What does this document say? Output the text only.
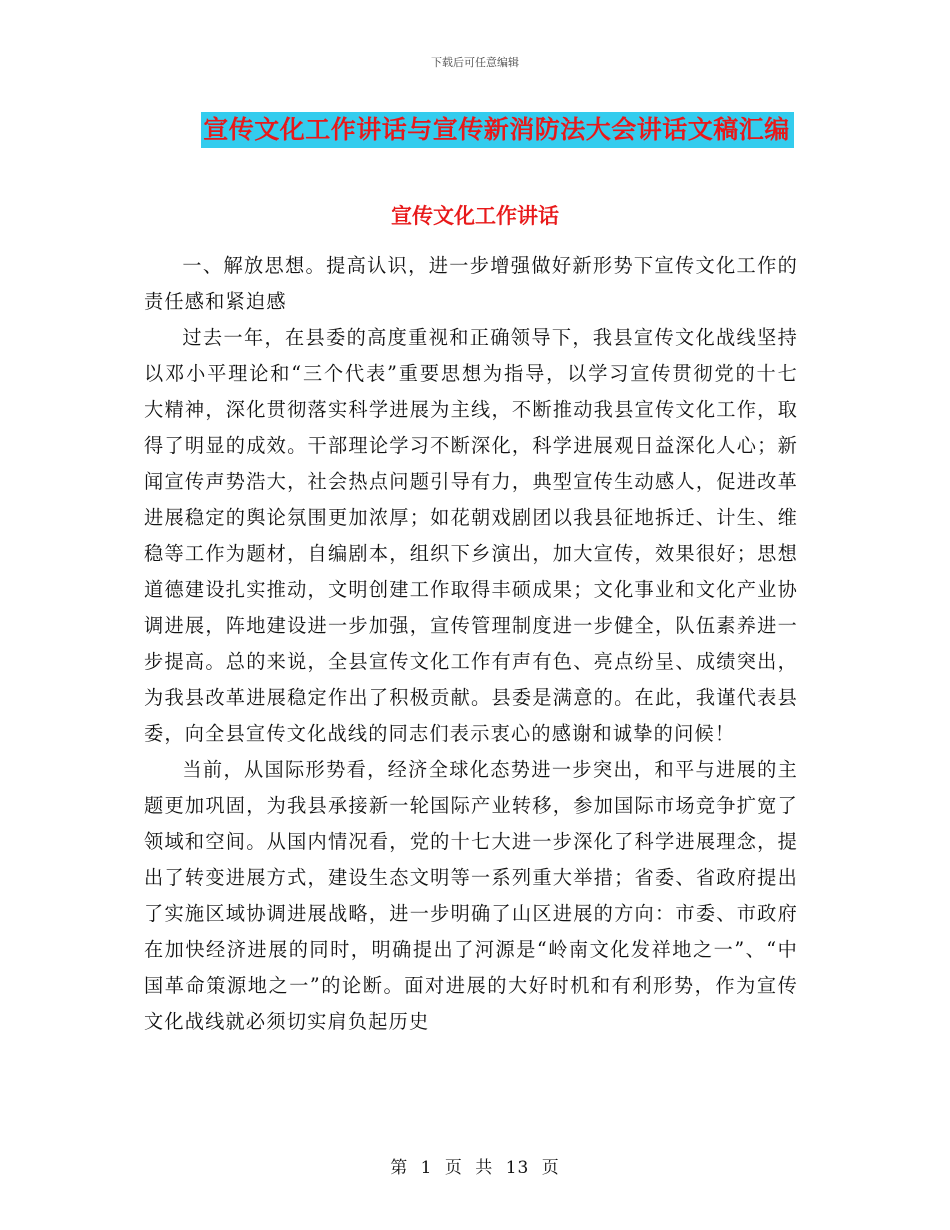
下载后可任意编辑
宣传文化工作讲话与宣传新消防法大会讲话文稿汇编
宣传文化工作讲话

一、解放思想。提高认识，进一步增强做好新形势下宣传文化工作的责任感和紧迫感

过去一年，在县委的高度重视和正确领导下，我县宣传文化战线坚持以邓小平理论和“三个代表”重要思想为指导，以学习宣传贯彻党的十七大精神，深化贯彻落实科学进展为主线，不断推动我县宣传文化工作，取得了明显的成效。干部理论学习不断深化，科学进展观日益深化人心；新闻宣传声势浩大，社会热点问题引导有力，典型宣传生动感人，促进改革进展稳定的舆论氛围更加浓厚；如花朝戏剧团以我县征地拆迁、计生、维稳等工作为题材，自编剧本，组织下乡演出，加大宣传，效果很好；思想道德建设扎实推动，文明创建工作取得丰硕成果；文化事业和文化产业协调进展，阵地建设进一步加强，宣传管理制度进一步健全，队伍素养进一步提高。总的来说，全县宣传文化工作有声有色、亮点纷呈、成绩突出，为我县改革进展稳定作出了积极贡献。县委是满意的。在此，我谨代表县委，向全县宣传文化战线的同志们表示衷心的感谢和诚挚的问候！

当前，从国际形势看，经济全球化态势进一步突出，和平与进展的主题更加巩固，为我县承接新一轮国际产业转移，参加国际市场竞争扩宽了领域和空间。从国内情况看，党的十七大进一步深化了科学进展理念，提出了转变进展方式，建设生态文明等一系列重大举措；省委、省政府提出了实施区域协调进展战略，进一步明确了山区进展的方向：市委、市政府在加快经济进展的同时，明确提出了河源是“岭南文化发祥地之一”、“中国革命策源地之一”的论断。面对进展的大好时机和有利形势，作为宣传文化战线就必须切实肩负起历史

第 1 页 共 13 页
